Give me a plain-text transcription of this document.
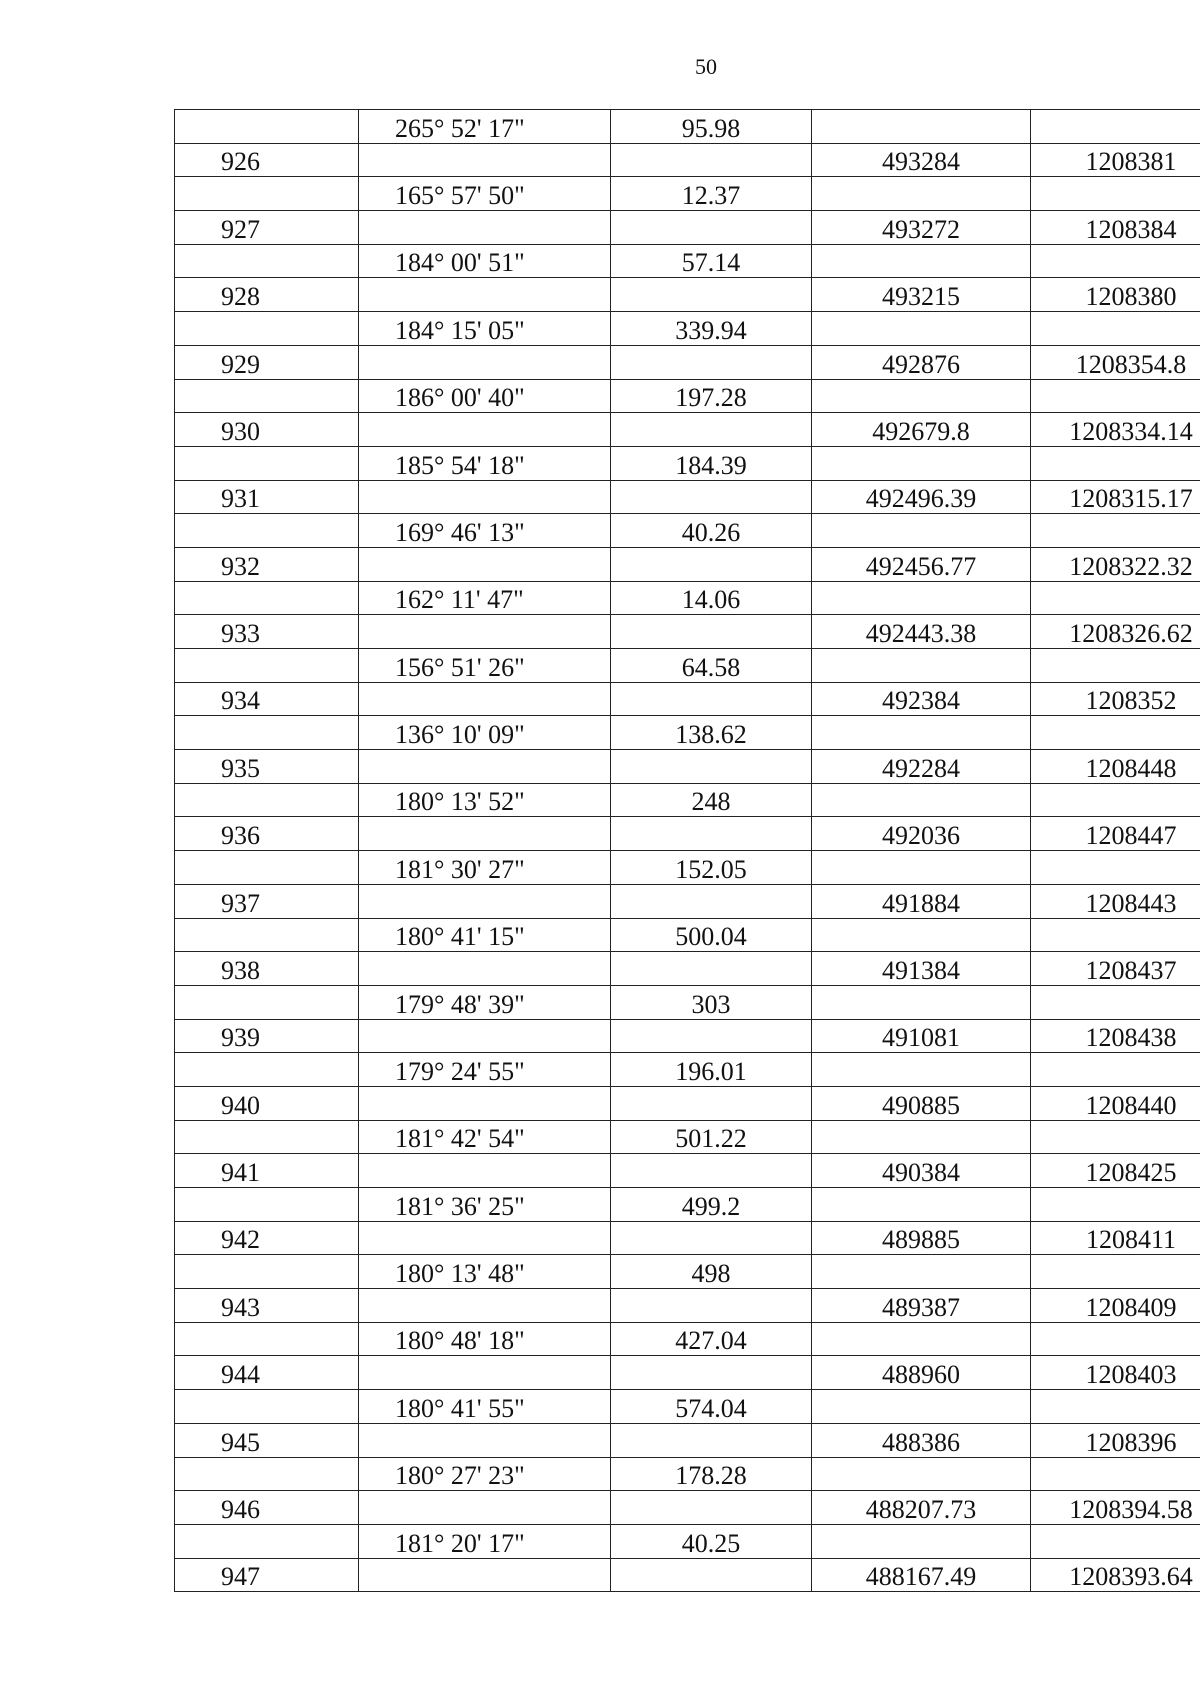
50
	265° 52' 17"	95.98		
926			493284	1208381
	165° 57' 50"	12.37		
927			493272	1208384
	184° 00' 51"	57.14		
928			493215	1208380
	184° 15' 05"	339.94		
929			492876	1208354.8
	186° 00' 40"	197.28		
930			492679.8	1208334.14
	185° 54' 18"	184.39		
931			492496.39	1208315.17
	169° 46' 13"	40.26		
932			492456.77	1208322.32
	162° 11' 47"	14.06		
933			492443.38	1208326.62
	156° 51' 26"	64.58		
934			492384	1208352
	136° 10' 09"	138.62		
935			492284	1208448
	180° 13' 52"	248		
936			492036	1208447
	181° 30' 27"	152.05		
937			491884	1208443
	180° 41' 15"	500.04		
938			491384	1208437
	179° 48' 39"	303		
939			491081	1208438
	179° 24' 55"	196.01		
940			490885	1208440
	181° 42' 54"	501.22		
941			490384	1208425
	181° 36' 25"	499.2		
942			489885	1208411
	180° 13' 48"	498		
943			489387	1208409
	180° 48' 18"	427.04		
944			488960	1208403
	180° 41' 55"	574.04		
945			488386	1208396
	180° 27' 23"	178.28		
946			488207.73	1208394.58
	181° 20' 17"	40.25		
947			488167.49	1208393.64
